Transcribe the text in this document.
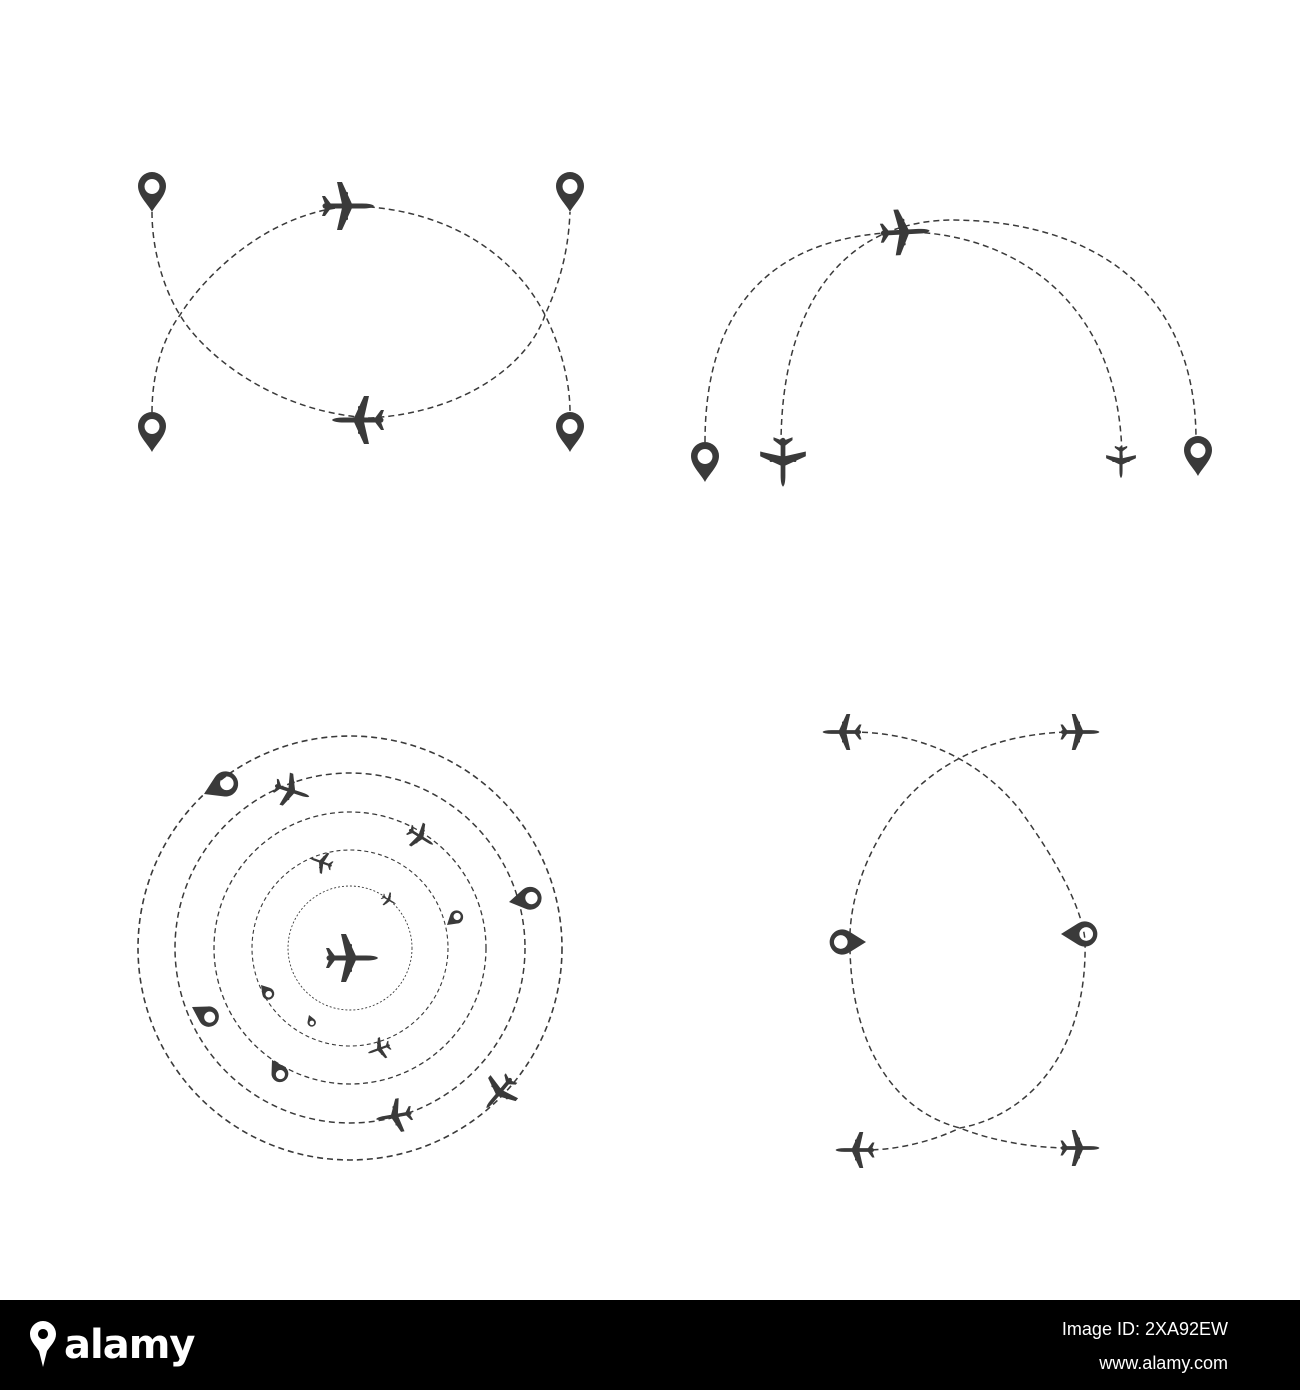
alamy	Image ID: 2XA92EW
www.alamy.com
